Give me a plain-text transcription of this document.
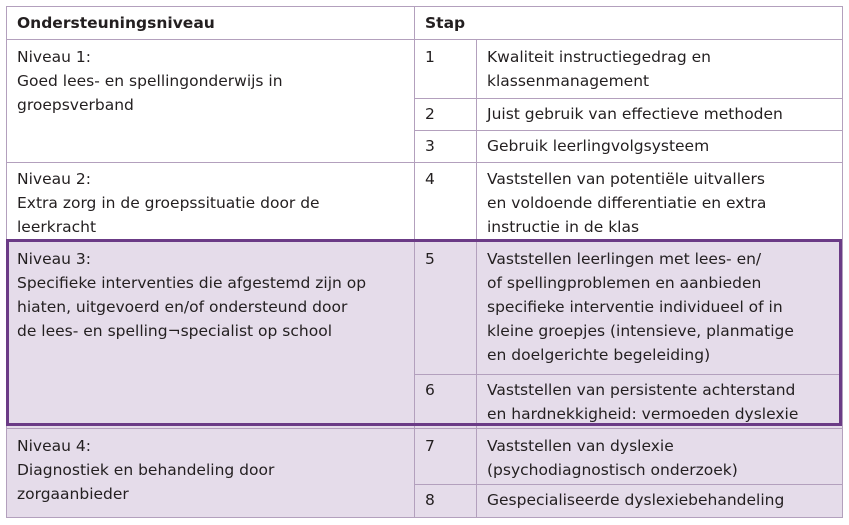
Ondersteuningsniveau	Stap	
Niveau 1:
Goed lees- en spellingonderwijs in
groepsverband	1	Kwaliteit instructiegedrag en
klassenmanagement
	2	Juist gebruik van effectieve methoden
	3	Gebruik leerlingvolgsysteem
Niveau 2:
Extra zorg in de groepssituatie door de
leerkracht	4	Vaststellen van potentiële uitvallers
en voldoende differentiatie en extra
instructie in de klas
Niveau 3:
Specifieke interventies die afgestemd zijn op
hiaten, uitgevoerd en/of ondersteund door
de lees- en spelling¬specialist op school	5	Vaststellen leerlingen met lees- en/
of spellingproblemen en aanbieden
specifieke interventie individueel of in
kleine groepjes (intensieve, planmatige
en doelgerichte begeleiding)
	6	Vaststellen van persistente achterstand
en hardnekkigheid: vermoeden dyslexie
Niveau 4:
Diagnostiek en behandeling door
zorgaanbieder	7	Vaststellen van dyslexie
(psychodiagnostisch onderzoek)
	8	Gespecialiseerde dyslexiebehandeling
